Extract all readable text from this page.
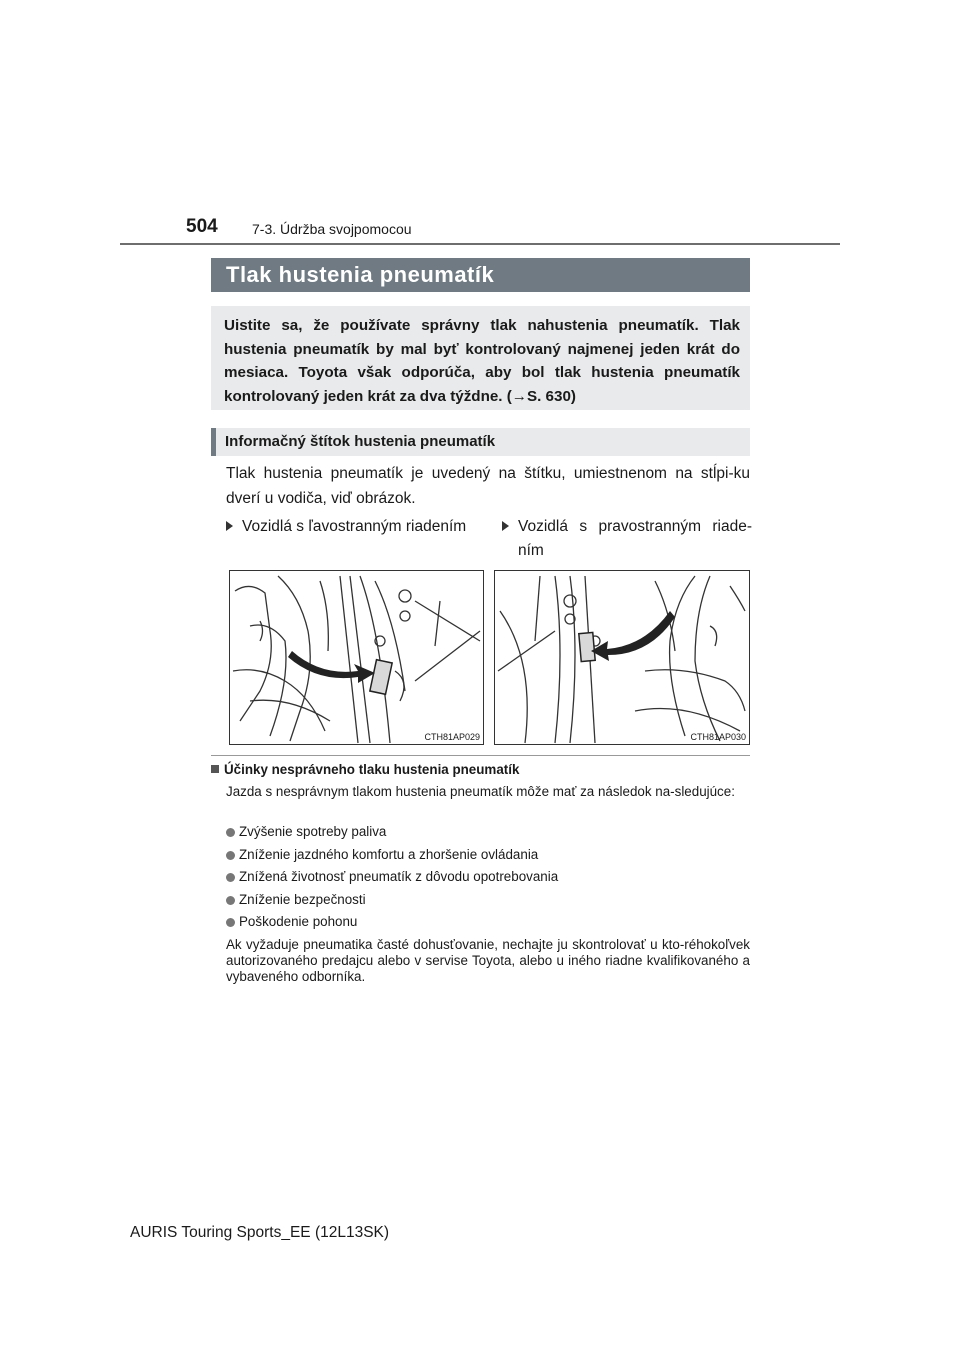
504 7-3. Údržba svojpomocou
Tlak hustenia pneumatík
Uistite sa, že používate správny tlak nahustenia pneumatík. Tlak hustenia pneumatík by mal byť kontrolovaný najmenej jeden krát do mesiaca. Toyota však odporúča, aby bol tlak hustenia pneumatík kontrolovaný jeden krát za dva týždne. (→S. 630)
Informačný štítok hustenia pneumatík
Tlak hustenia pneumatík je uvedený na štítku, umiestnenom na stĺpi-ku dverí u vodiča, viď obrázok.
Vozidlá s ľavostranným riadením	Vozidlá s pravostranným riade-ním
CTH81AP029	CTH81AP030
Účinky nesprávneho tlaku hustenia pneumatík
Jazda s nesprávnym tlakom hustenia pneumatík môže mať za následok na-sledujúce:
Zvýšenie spotreby paliva
Zníženie jazdného komfortu a zhoršenie ovládania
Znížená životnosť pneumatík z dôvodu opotrebovania
Zníženie bezpečnosti
Poškodenie pohonu
Ak vyžaduje pneumatika časté dohusťovanie, nechajte ju skontrolovať u kto-réhokoľvek autorizovaného predajcu alebo v servise Toyota, alebo u iného riadne kvalifikovaného a vybaveného odborníka.
AURIS Touring Sports_EE (12L13SK)
